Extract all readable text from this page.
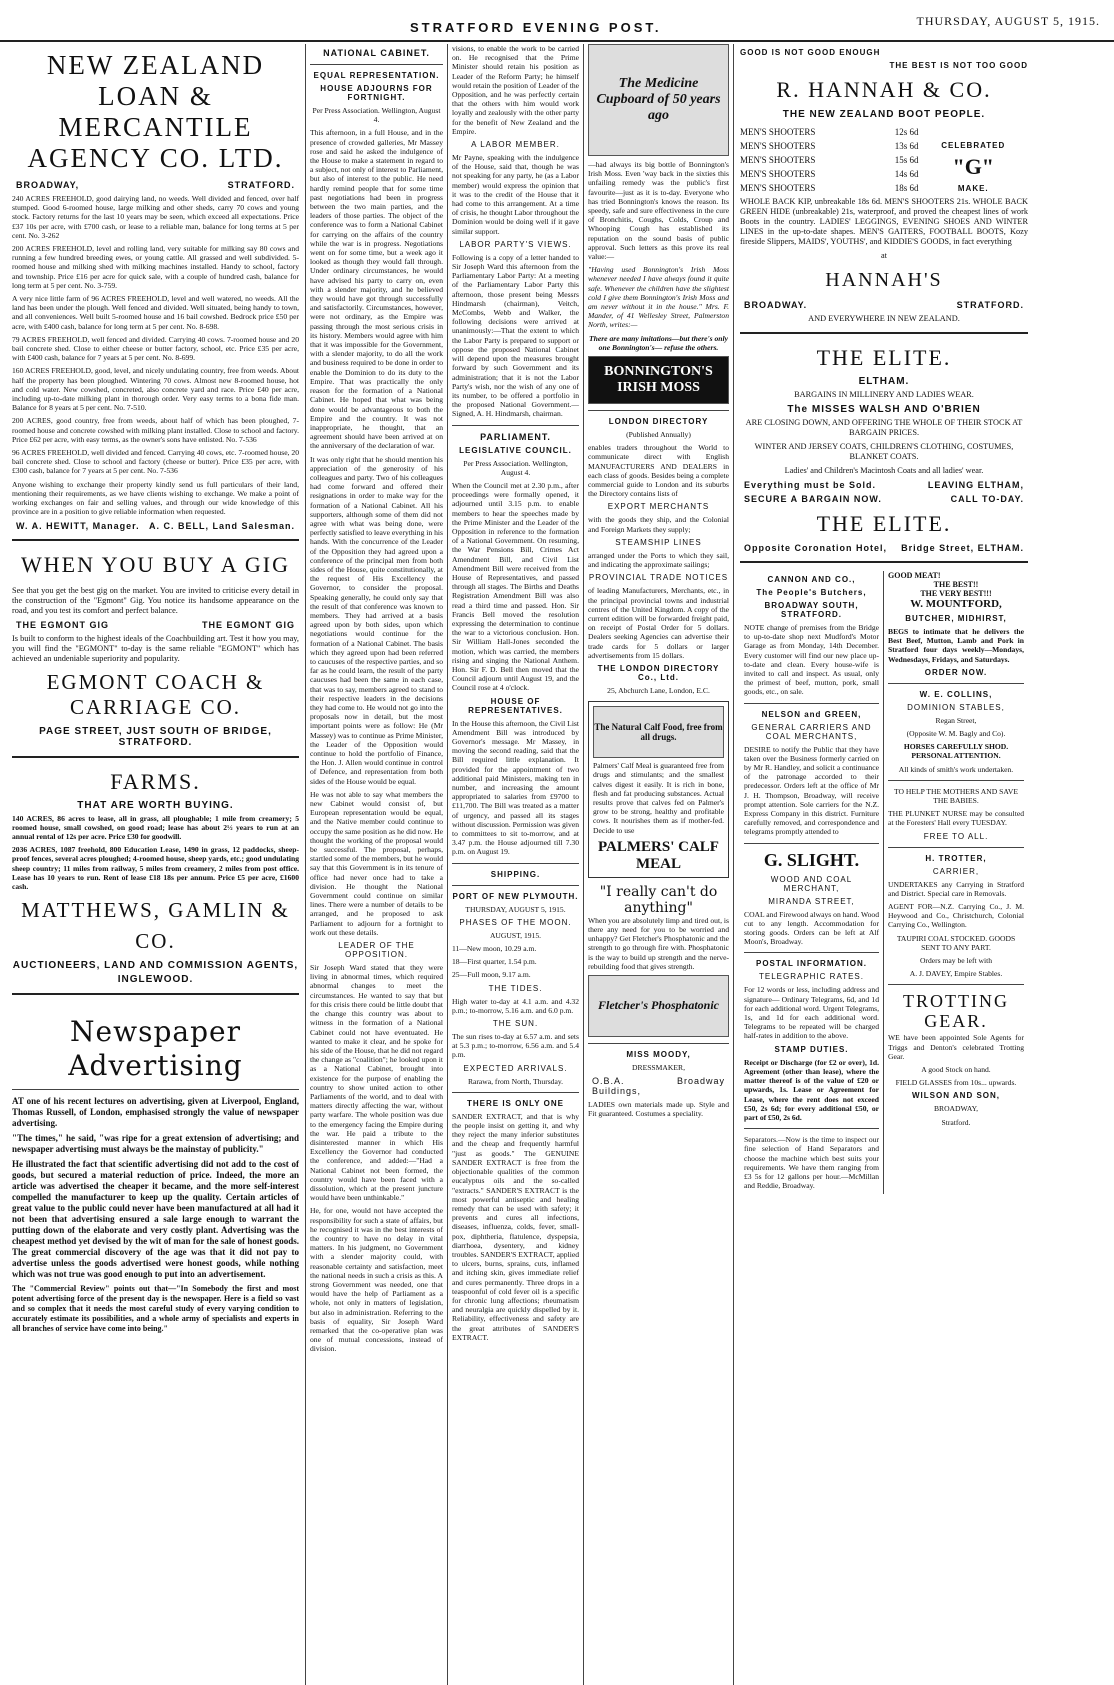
STRATFORD EVENING POST.	THURSDAY, AUGUST 5, 1915.
NEW ZEALAND LOAN & MERCANTILE AGENCY CO. LTD.
BROADWAY,	STRATFORD.

240 ACRES FREEHOLD, good dairying land, no weeds. Well divided and fenced, over half stumped. Good 6-roomed house, large milking and other sheds, carry 70 cows and young stock. Factory returns for the last 10 years may be seen, which exceed all expectations. Price £37 10s per acre, with £700 cash, or lease to a reliable man, balance for long terms at 5 per cent. No. 3-262

200 ACRES FREEHOLD, level and rolling land, very suitable for milking say 80 cows and running a few hundred breeding ewes, or young cattle. All grassed and well subdivided. 5-roomed house and milking shed with milking machines installed. Handy to school, factory and township. Price £16 per acre for quick sale, with a couple of hundred cash, balance for long term at 5 per cent. No. 3-759.

A very nice little farm of 96 ACRES FREEHOLD, level and well watered, no weeds. All the land has been under the plough. Well fenced and divided. Well situated, being handy to town, and all conveniences. Well built 5-roomed house and 16 bail cowshed. Bedrock price £50 per acre, with £400 cash, balance for long term at 5 per cent. No. 8-698.

79 ACRES FREEHOLD, well fenced and divided. Carrying 40 cows. 7-roomed house and 20 bail concrete shed. Close to either cheese or butter factory, school, etc. Price £35 per acre, with £400 cash, balance for 7 years at 5 per cent. No. 8-699.

160 ACRES FREEHOLD, good, level, and nicely undulating country, free from weeds. About half the property has been ploughed. Wintering 70 cows. Almost new 8-roomed house, hot and cold water. New cowshed, concreted, also concrete yard and race. Price £40 per acre, including up-to-date milking plant in thorough order. Very easy terms to a bona fide man. Balance for 8 years at 5 per cent. No. 7-510.

200 ACRES, good country, free from weeds, about half of which has been ploughed, 7-roomed house and concrete cowshed with milking plant installed. Close to school and factory. Price £62 per acre, with easy terms, as the owner's sons have enlisted. No. 7-536

96 ACRES FREEHOLD, well divided and fenced. Carrying 40 cows, etc. 7-roomed house, 20 bail concrete shed. Close to school and factory (cheese or butter). Price £35 per acre, with £300 cash, balance for 7 years at 5 per cent. No. 7-536

Anyone wishing to exchange their property kindly send us full particulars of their land, mentioning their requirements, as we have clients wishing to exchange. We make a point of working exchanges on fair and selling values, and through our wide knowledge of this province are in a position to give reliable information when requested.

W. A. HEWITT, Manager. A. C. BELL, Land Salesman.
WHEN YOU BUY A GIG

See that you get the best gig on the market. You are invited to criticise every detail in the construction of the "Egmont" Gig. You notice its handsome appearance on the road, and you test its comfort and perfect balance.

THE EGMONT GIG	THE EGMONT GIG

Is built to conform to the highest ideals of the Coachbuilding art. Test it how you may, you will find the "EGMONT" to-day is the same reliable "EGMONT" which has achieved an undeniable superiority and popularity.

EGMONT COACH & CARRIAGE CO.
PAGE STREET, JUST SOUTH OF BRIDGE, STRATFORD.
FARMS.
THAT ARE WORTH BUYING.

140 ACRES, 86 acres to lease, all in grass, all ploughable; 1 mile from creamery; 5 roomed house, small cowshed, on good road; lease has about 2½ years to run at an annual rental of 12s per acre. Price £30 for goodwill.

2036 ACRES, 1087 freehold, 800 Education Lease, 1490 in grass, 12 paddocks, sheep-proof fences, several acres ploughed; 4-roomed house, sheep yards, etc.; good undulating sheep country; 11 miles from railway, 5 miles from creamery, 2 miles from post office. Lease has 10 years to run. Rent of lease £18 18s per annum. Price £5 per acre, £1600 cash.

MATTHEWS, GAMLIN & CO.
AUCTIONEERS, LAND AND COMMISSION AGENTS,
INGLEWOOD.
Newspaper Advertising

AT one of his recent lectures on advertising, given at Liverpool, England, Thomas Russell, of London, emphasised strongly the value of newspaper advertising.

"The times," he said, "was ripe for a great extension of advertising; and newspaper advertising must always be the mainstay of publicity."

He illustrated the fact that scientific advertising did not add to the cost of goods, but secured a material reduction of price. Indeed, the more an article was advertised the cheaper it became, and the more self-interest compelled the manufacturer to keep up the quality. Certain articles of great value to the public could never have been manufactured at all had it not been that advertising ensured a sale large enough to warrant the putting down of the elaborate and very costly plant. Advertising was the cheapest method yet devised by the wit of man for the sale of honest goods. The great commercial discovery of the age was that it did not pay to advertise unless the goods advertised were honest goods, while nothing which was not true was good enough to put into an advertisement.

The "Commercial Review" points out that—"In Somebody the first and most potent advertising force of the present day is the newspaper. Here is a field so vast and so complex that it needs the most careful study of every varying condition to accurately estimate its possibilities, and a whole army of specialists and experts in all branches of service have come into being."

NATIONAL CABINET.
EQUAL REPRESENTATION.
HOUSE ADJOURNS FOR FORTNIGHT.

Per Press Association. Wellington, August 4.

This afternoon, in a full House, and in the presence of crowded galleries, Mr Massey rose and said he asked the indulgence of the House to make a statement in regard to a subject, not only of interest to Parliament, but also of interest to the public. He need hardly remind people that for some time past negotiations had been in progress between the two main parties, and the leaders of those parties. The object of the conference was to form a National Cabinet for carrying on the affairs of the country while the war is in progress. Negotiations went on for some time, but a week ago it looked as though they would fall through. Under ordinary circumstances, he would have advised his party to carry on, even with a slender majority, and he believed they would have got through successfully and satisfactorily. Circumstances, however, were not ordinary, as the Empire was passing through the most serious crisis in its history. Members would agree with him that it was impossible for the Government, with a slender majority, to do all the work and business required to be done in order to enable the Dominion to do its duty to the Empire. That was practically the only reason for the formation of a National Cabinet. He hoped that what was being done would be advantageous to both the Empire and the country. It was not inappropriate, he thought, that an agreement should have been arrived at on the anniversary of the declaration of war.

It was only right that he should mention his appreciation of the generosity of his colleagues and party. Two of his colleagues had come forward and offered their resignations in order to make way for the formation of a National Cabinet. All his supporters, although some of them did not agree with what was being done, were perfectly satisfied to leave everything in his hands. With the concurrence of the Leader of the Opposition they had agreed upon a conference of the principal men from both sides of the House, quite constitutionally, at the request of His Excellency the Governor, to consider the proposal. Speaking generally, he could only say that the result of that conference was known to members. They had arrived at a basis agreed upon by both sides, upon which negotiations would continue for the formation of a National Cabinet. The basis which they agreed upon had been referred to caucuses of the respective parties, and so far as he could learn, the result of the party caucuses had been the same in each case, that was to say, members agreed to stand to their respective leaders in the decisions they had come to. He would not go into the proposals now in detail, but the most important points were as follow: He (Mr Massey) was to continue as Prime Minister, the Leader of the Opposition would continue to hold the portfolio of Finance, the Hon. J. Allen would continue in control of Defence, and representation from both sides of the House would be equal.

He was not able to say what members the new Cabinet would consist of, but European representation would be equal, and the Native member could continue to occupy the same position as he did now. He thought the working of the proposal would be successful. The proposal, perhaps, startled some of the members, but he would say that this Government is in its tenure of office had never once had to take a division. He thought the National Government could continue on similar lines. There were a number of details to be arranged, and he proposed to ask Parliament to adjourn for a fortnight to work out these details.

LEADER OF THE OPPOSITION.

Sir Joseph Ward stated that they were living in abnormal times, which required abnormal changes to meet the circumstances. He wanted to say that but for this crisis there could be little doubt that the change this country was about to witness in the formation of a National Cabinet could not have eventuated. He wanted to make it clear, and he spoke for his side of the House, that he did not regard the change as "coalition"; he looked upon it as a National Cabinet, brought into existence for the purpose of enabling the country to show united action to other Parliaments of the world, and to deal with matters directly affecting the war, without party warfare. The whole position was due to the emergency facing the Empire during the war. He paid a tribute to the disinterested manner in which His Excellency the Governor had conducted the conference, and added:—"Had a National Cabinet not been formed, the country would have been faced with a dissolution, which at the present juncture would have been unthinkable."

He, for one, would not have accepted the responsibility for such a state of affairs, but he recognised it was in the best interests of the country to have no delay in vital matters. In his judgment, no Government with a slender majority could, with reasonable certainty and satisfaction, meet the national needs in such a crisis as this. A strong Government was needed, one that would have the help of Parliament as a whole, not only in matters of legislation, but also in administration. Referring to the basis of equality, Sir Joseph Ward remarked that the co-operative plan was one of mutual concessions, instead of division.

visions, to enable the work to be carried on. He recognised that the Prime Minister should retain his position as Leader of the Reform Party; he himself would retain the position of Leader of the Opposition, and he was perfectly certain that the others with him would work loyally and zealously with the other party for the benefit of New Zealand and the Empire.

A LABOR MEMBER.

Mr Payne, speaking with the indulgence of the House, said that, though he was not speaking for any party, he (as a Labor member) would express the opinion that it was to the credit of the House that it had come to this arrangement. At a time of crisis, he thought Labor throughout the Dominion would be doing well if it gave similar support.

LABOR PARTY'S VIEWS.

Following is a copy of a letter handed to Sir Joseph Ward this afternoon from the Parliamentary Labor Party: At a meeting of the Parliamentary Labor Party this afternoon, those present being Messrs Hindmarsh (chairman), Veitch, McCombs, Webb and Walker, the following decisions were arrived at unanimously:—That the extent to which the Labor Party is prepared to support or oppose the proposed National Cabinet will depend upon the measures brought forward by such Government and its administration; that it is not the Labor Party's wish, nor the wish of any one of its number, to be offered a portfolio in the proposed National Government.—Signed, A. H. Hindmarsh, chairman.

PARLIAMENT.
LEGISLATIVE COUNCIL.

Per Press Association. Wellington, August 4.

When the Council met at 2.30 p.m., after proceedings were formally opened, it adjourned until 3.15 p.m. to enable members to hear the speeches made by the Prime Minister and the Leader of the Opposition in reference to the formation of a National Government. On resuming, the War Pensions Bill, Crimes Act Amendment Bill, and Civil List Amendment Bill were received from the House of Representatives, and passed through all stages. The Births and Deaths Registration Amendment Bill was also read a third time and passed. Hon. Sir Francis Bell moved the resolution expressing the determination to continue the war to a victorious conclusion. Hon. Sir William Hall-Jones seconded the motion, which was carried, the members rising and singing the National Anthem. Hon. Sir F. D. Bell then moved that the Council adjourn until August 19, and the Council rose at 4 o'clock.

HOUSE OF REPRESENTATIVES.

In the House this afternoon, the Civil List Amendment Bill was introduced by Governor's message. Mr Massey, in moving the second reading, said that the Bill required little explanation. It provided for the appointment of two additional paid Ministers, making ten in number, and increasing the amount appropriated to salaries from £9700 to £11,700. The Bill was treated as a matter of urgency, and passed all its stages without discussion. Permission was given to committees to sit to-morrow, and at 3.47 p.m. the House adjourned till 7.30 p.m. on August 19.

SHIPPING.
PORT OF NEW PLYMOUTH.

THURSDAY, AUGUST 5, 1915.

PHASES OF THE MOON.

AUGUST, 1915.

11—New moon, 10.29 a.m.

18—First quarter, 1.54 p.m.

25—Full moon, 9.17 a.m.

THE TIDES.

High water to-day at 4.1 a.m. and 4.32 p.m.; to-morrow, 5.16 a.m. and 6.0 p.m.

THE SUN.

The sun rises to-day at 6.57 a.m. and sets at 5.3 p.m.; to-morrow, 6.56 a.m. and 5.4 p.m.

EXPECTED ARRIVALS.

Rarawa, from North, Thursday.

THERE IS ONLY ONE

SANDER EXTRACT, and that is why the people insist on getting it, and why they reject the many inferior substitutes and the cheap and frequently harmful "just as goods." The GENUINE SANDER EXTRACT is free from the objectionable qualities of the common eucalyptus oils and the so-called "extracts." SANDER'S EXTRACT is the most powerful antiseptic and healing remedy that can be used with safety; it prevents and cures all infections, diseases, influenza, colds, fever, small-pox, diphtheria, flatulence, dyspepsia, diarrhoea, dysentery, and kidney troubles. SANDER'S EXTRACT, applied to ulcers, burns, sprains, cuts, inflamed and itching skin, gives immediate relief and cures permanently. Three drops in a teaspoonful of cold fever oil is a specific for chronic lung affections; rheumatism and neuralgia are quickly dispelled by it. Reliability, effectiveness and safety are the great attributes of SANDER'S EXTRACT.

The Medicine Cupboard of 50 years ago

—had always its big bottle of Bonnington's Irish Moss. Even 'way back in the sixties this unfailing remedy was the public's first favourite—just as it is to-day. Everyone who has tried Bonnington's knows the reason. Its speedy, safe and sure effectiveness in the cure of Bronchitis, Coughs, Colds, Croup and Whooping Cough has established its reputation on the sound basis of public approval. Such letters as this prove its real value:—

"Having used Bonnington's Irish Moss whenever needed I have always found it quite safe. Whenever the children have the slightest cold I give them Bonnington's Irish Moss and am never without it in the house." Mrs. F. Mander, of 41 Wellesley Street, Palmerston North, writes:—

There are many imitations—but there's only one Bonnington's— refuse the others.

BONNINGTON'S IRISH MOSS
LONDON DIRECTORY

(Published Annually)

enables traders throughout the World to communicate direct with English MANUFACTURERS AND DEALERS in each class of goods. Besides being a complete commercial guide to London and its suburbs the Directory contains lists of

EXPORT MERCHANTS

with the goods they ship, and the Colonial and Foreign Markets they supply;

STEAMSHIP LINES

arranged under the Ports to which they sail, and indicating the approximate sailings;

PROVINCIAL TRADE NOTICES

of leading Manufacturers, Merchants, etc., in the principal provincial towns and industrial centres of the United Kingdom. A copy of the current edition will be forwarded freight paid, on receipt of Postal Order for 5 dollars. Dealers seeking Agencies can advertise their trade cards for 5 dollars or larger advertisements from 15 dollars.

THE LONDON DIRECTORY Co., Ltd.

25, Abchurch Lane, London, E.C.

The Natural Calf Food, free from all drugs.

Palmers' Calf Meal is guaranteed free from drugs and stimulants; and the smallest calves digest it easily. It is rich in bone, flesh and fat producing substances. Actual results prove that calves fed on Palmer's grow to be strong, healthy and profitable cows. It nourishes them as if mother-fed. Decide to use

PALMERS' CALF MEAL
"I really can't do anything"

When you are absolutely limp and tired out, is there any need for you to be worried and unhappy? Get Fletcher's Phosphatonic and the strength to go through fire with. Phosphatonic is the way to build up strength and the nerve-rebuilding food that gives strength.

Fletcher's Phosphatonic
MISS MOODY,

DRESSMAKER,

O.B.A. Buildings,
Broadway

LADIES own materials made up. Style and Fit guaranteed. Costumes a speciality.

GOOD IS NOT GOOD ENOUGH
THE BEST IS NOT TOO GOOD
R. HANNAH & CO.
THE NEW ZEALAND BOOT PEOPLE.
MEN'S SHOOTERS	12s 6d
MEN'S SHOOTERS	13s 6d
MEN'S SHOOTERS	15s 6d
MEN'S SHOOTERS	14s 6d
MEN'S SHOOTERS	18s 6d
CELEBRATED
"G"
MAKE.

WHOLE BACK KIP, unbreakable 18s 6d. MEN'S SHOOTERS 21s. WHOLE BACK GREEN HIDE (unbreakable) 21s, waterproof, and proved the cheapest lines of work Boots in the country. LADIES' LEGGINGS, EVENING SHOES AND WINTER LINES in the up-to-date shapes. MEN'S GAITERS, FOOTBALL BOOTS, Kozy fireside Slippers, MAIDS', YOUTHS', and KIDDIE'S GOODS, in fact everything

at

HANNAH'S
BROADWAY.	STRATFORD.

AND EVERYWHERE IN NEW ZEALAND.

THE ELITE.
ELTHAM.

BARGAINS IN MILLINERY AND LADIES WEAR.

The MISSES WALSH AND O'BRIEN

ARE CLOSING DOWN, AND OFFERING THE WHOLE OF THEIR STOCK AT BARGAIN PRICES.

WINTER AND JERSEY COATS, CHILDREN'S CLOTHING, COSTUMES, BLANKET COATS.

Ladies' and Children's Macintosh Coats and all ladies' wear.

Everything must be Sold.	LEAVING ELTHAM,
SECURE A BARGAIN NOW.	CALL TO-DAY.
THE ELITE.
Opposite Coronation Hotel, Bridge Street, ELTHAM.
CANNON AND CO.,
The People's Butchers,
BROADWAY SOUTH, STRATFORD.

NOTE change of premises from the Bridge to up-to-date shop next Mudford's Motor Garage as from Monday, 14th December. Every customer will find our new place up-to-date and clean. Every house-wife is invited to call and inspect. As usual, only the primest of beef, mutton, pork, small goods, etc., on sale.

NELSON and GREEN,
GENERAL CARRIERS AND COAL MERCHANTS,

DESIRE to notify the Public that they have taken over the Business formerly carried on by Mr R. Handley, and solicit a continuance of the patronage accorded to their predecessor. Orders left at the office of Mr J. H. Thompson, Broadway, will receive prompt attention. Sole carriers for the N.Z. Express Company in this district. Furniture carefully removed, and correspondence and telegrams promptly attended to

G. SLIGHT.
WOOD AND COAL MERCHANT,
MIRANDA STREET,

COAL and Firewood always on hand. Wood cut to any length. Accommodation for storing goods. Orders can be left at Alf Moon's, Broadway.

POSTAL INFORMATION.
TELEGRAPHIC RATES.

For 12 words or less, including address and signature— Ordinary Telegrams, 6d, and 1d for each additional word. Urgent Telegrams, 1s, and 1d for each additional word. Telegrams to be repeated will be charged half-rates in addition to the above.

STAMP DUTIES.

Receipt or Discharge (for £2 or over), 1d. Agreement (other than lease), where the matter thereof is of the value of £20 or upwards, 1s. Lease or Agreement for Lease, where the rent does not exceed £50, 2s 6d; for every additional £50, or part of £50, 2s 6d.

Separators.—Now is the time to inspect our fine selection of Hand Separators and choose the machine which best suits your requirements. We have them ranging from £3 5s for 12 gallons per hour.—McMillan and Reddie, Broadway.

GOOD MEAT!
THE BEST!!
THE VERY BEST!!!
W. MOUNTFORD,
BUTCHER, MIDHIRST,

BEGS to intimate that he delivers the Best Beef, Mutton, Lamb and Pork in Stratford four days weekly—Mondays, Wednesdays, Fridays, and Saturdays.

ORDER NOW.
W. E. COLLINS,
DOMINION STABLES,

Regan Street,

(Opposite W. M. Bagly and Co).

HORSES CAREFULLY SHOD. PERSONAL ATTENTION.

All kinds of smith's work undertaken.

TO HELP THE MOTHERS AND SAVE THE BABIES.

THE PLUNKET NURSE may be consulted at the Foresters' Hall every TUESDAY.

FREE TO ALL.
H. TROTTER,
CARRIER,

UNDERTAKES any Carrying in Stratford and District. Special care in Removals.

AGENT FOR—N.Z. Carrying Co., J. M. Heywood and Co., Christchurch, Colonial Carrying Co., Wellington.

TAUPIRI COAL STOCKED. GOODS SENT TO ANY PART.

Orders may be left with

A. J. DAVEY, Empire Stables.

TROTTING GEAR.

WE have been appointed Sole Agents for Triggs and Denton's celebrated Trotting Gear.

A good Stock on hand.

FIELD GLASSES from 10s... upwards.

WILSON AND SON,

BROADWAY,

Stratford.
